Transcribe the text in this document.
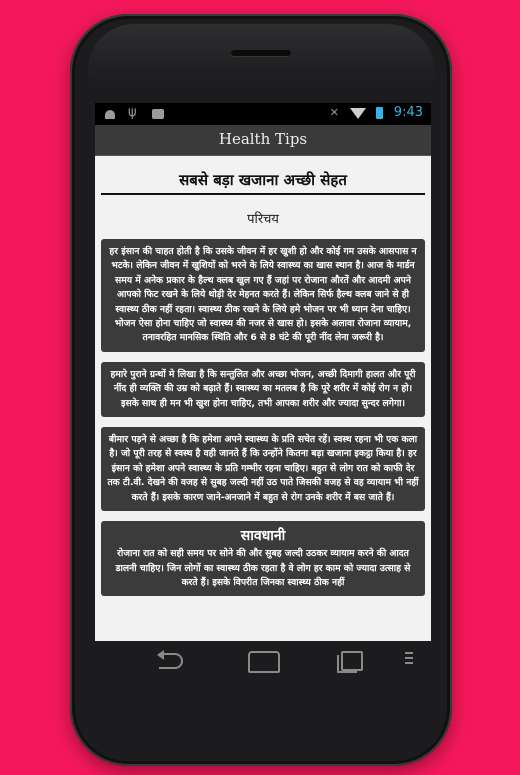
ψ
✕
9:43
Health Tips
सबसे बड़ा खजाना अच्छी सेहत
परिचय
हर इंसान की चाहत होती है कि उसके जीवन में हर खुशी हो और कोई गम उसके आसपास न भटके। लेकिन जीवन में खुशियों को भरने के लिये स्वास्थ्य का खास स्थान है। आज के मार्डन समय में अनेक प्रकार के हैल्थ क्लब खुल गए हैं जहां पर रोजाना औरतें और आदमी अपने आपको फिट रखने के लिये थोड़ी देर मेहनत करते हैं। लेकिन सिर्फ हैल्थ क्लब जाने से ही स्वास्थ्य ठीक नहीं रहता। स्वास्थ्य ठीक रखने के लिये हमे भोजन पर भी ध्यान देना चाहिए। भोजन ऐसा होना चाहिए जो स्वास्थ्य की नजर से खास हो। इसके अलावा रोजाना व्यायाम, तनावरहित मानसिक स्थिति और 6 से 8 घंटे की पूरी नींद लेना जरूरी है।
हमारे पुराने ग्रन्थों मे लिखा है कि सन्तुलित और अच्छा भोजन, अच्छी दिमागी हालत और पूरी नींद ही व्यक्ति की उम्र को बढ़ाते हैं। स्वास्थ्य का मतलब है कि पूरे शरीर में कोई रोग न हो। इसके साथ ही मन भी खुश होना चाहिए, तभी आपका शरीर और ज्यादा सुन्दर लगेगा।
बीमार पड़ने से अच्छा है कि हमेशा अपने स्वास्थ्य के प्रति सचेत रहें। स्वस्थ रहना भी एक कला है। जो पूरी तरह से स्वस्थ है वही जानते हैं कि उन्होंने कितना बड़ा खजाना इकट्ठा किया है। हर इंसान को हमेशा अपने स्वास्थ्य के प्रति गम्भीर रहना चाहिए। बहुत से लोग रात को काफी देर तक टी.वी. देखने की वजह से सुबह जल्दी नहीं उठ पाते जिसकी वजह से वह व्यायाम भी नहीं करते हैं। इसके कारण जाने-अनजाने में बहुत से रोग उनके शरीर में बस जाते हैं।
सावधानी
रोजाना रात को सही समय पर सोने की और सुबह जल्दी उठकर व्यायाम करने की आदत डालनी चाहिए। जिन लोगों का स्वास्थ्य ठीक रहता है वे लोग हर काम को ज्यादा उत्साह से करते हैं। इसके विपरीत जिनका स्वास्थ्य ठीक नहीं
